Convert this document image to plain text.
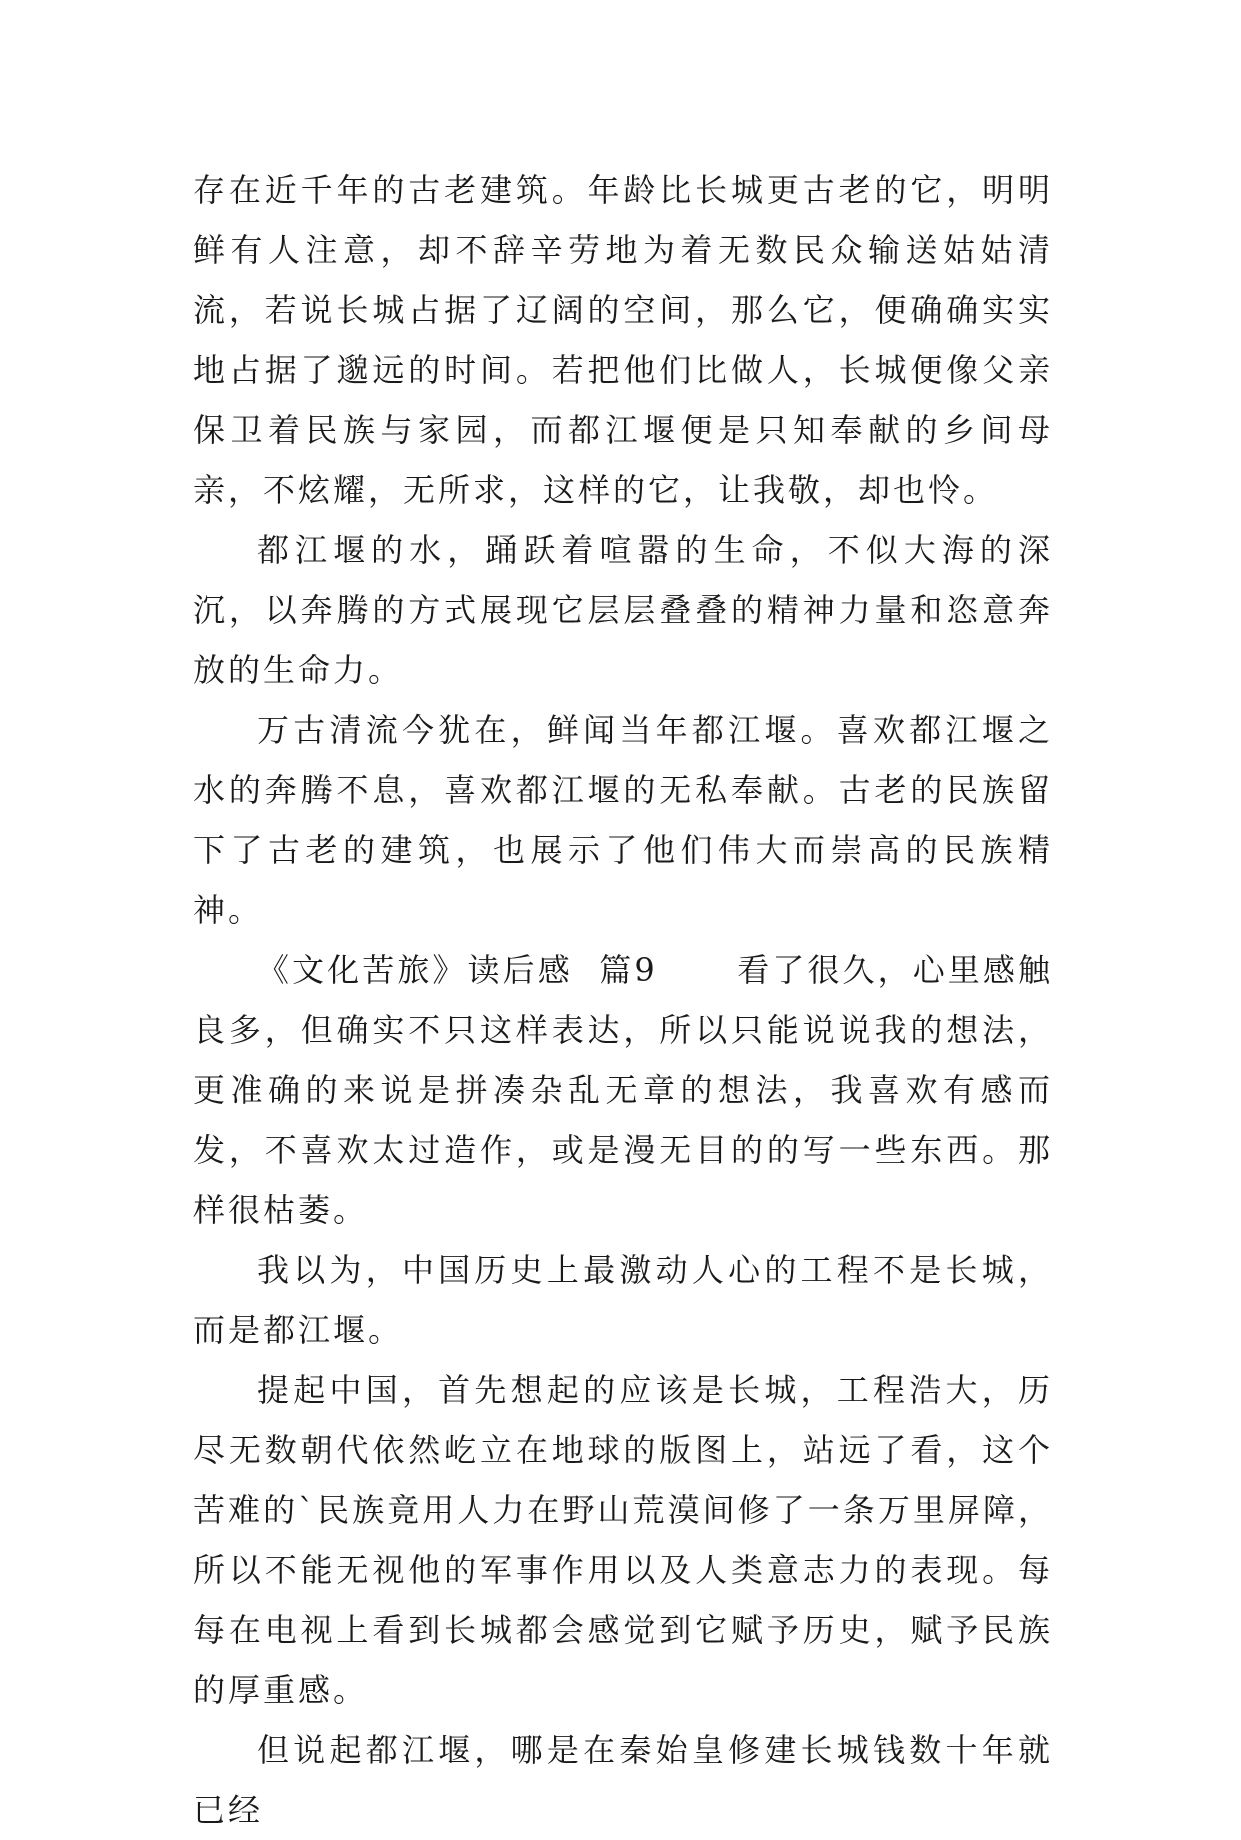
存在近千年的古老建筑。年龄比长城更古老的它，明明鲜有人注意，却不辞辛劳地为着无数民众输送姑姑清流，若说长城占据了辽阔的空间，那么它，便确确实实地占据了邈远的时间。若把他们比做人，长城便像父亲保卫着民族与家园，而都江堰便是只知奉献的乡间母亲，不炫耀，无所求，这样的它，让我敬，却也怜。

都江堰的水，踊跃着喧嚣的生命，不似大海的深沉，以奔腾的方式展现它层层叠叠的精神力量和恣意奔放的生命力。

万古清流今犹在，鲜闻当年都江堰。喜欢都江堰之水的奔腾不息，喜欢都江堰的无私奉献。古老的民族留下了古老的建筑，也展示了他们伟大而崇高的民族精神。

《文化苦旅》读后感  篇9      看了很久，心里感触良多，但确实不只这样表达，所以只能说说我的想法，更准确的来说是拼凑杂乱无章的想法，我喜欢有感而发，不喜欢太过造作，或是漫无目的的写一些东西。那样很枯萎。

我以为，中国历史上最激动人心的工程不是长城，而是都江堰。

提起中国，首先想起的应该是长城，工程浩大，历尽无数朝代依然屹立在地球的版图上，站远了看，这个苦难的`民族竟用人力在野山荒漠间修了一条万里屏障，所以不能无视他的军事作用以及人类意志力的表现。每每在电视上看到长城都会感觉到它赋予历史，赋予民族的厚重感。

但说起都江堰，哪是在秦始皇修建长城钱数十年就已经
